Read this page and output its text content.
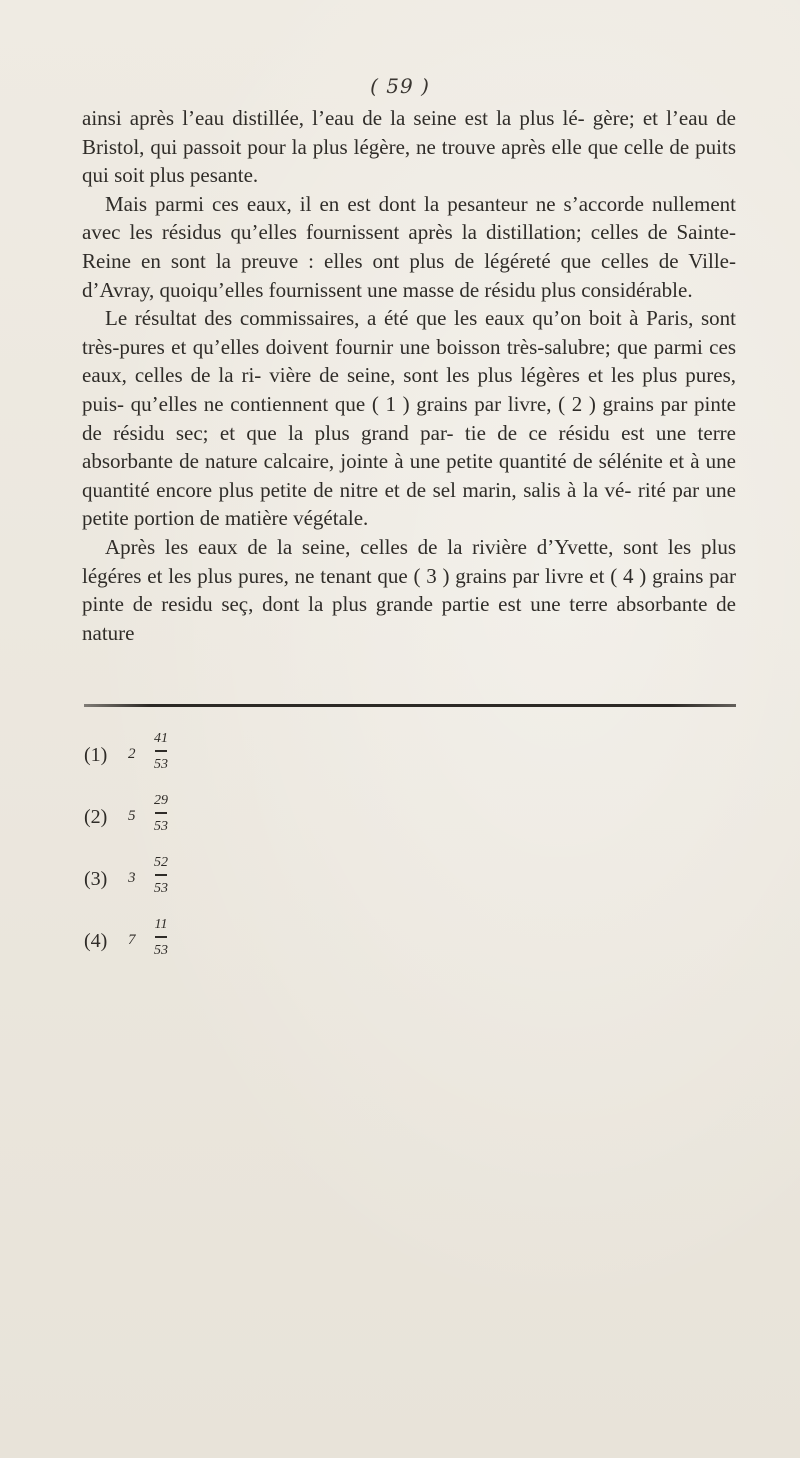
( 59 )

ainsi après l’eau distillée, l’eau de la seine est la plus lé- gère; et l’eau de Bristol, qui passoit pour la plus légère, ne trouve après elle que celle de puits qui soit plus pesante.

Mais parmi ces eaux, il en est dont la pesanteur ne s’accorde nullement avec les résidus qu’elles fournissent après la distillation; celles de Sainte-Reine en sont la preuve : elles ont plus de légéreté que celles de Ville- d’Avray, quoiqu’elles fournissent une masse de résidu plus considérable.

Le résultat des commissaires, a été que les eaux qu’on boit à Paris, sont très-pures et qu’elles doivent fournir une boisson très-salubre; que parmi ces eaux, celles de la ri- vière de seine, sont les plus légères et les plus pures, puis- qu’elles ne contiennent que ( 1 ) grains par livre, ( 2 ) grains par pinte de résidu sec; et que la plus grand par- tie de ce résidu est une terre absorbante de nature calcaire, jointe à une petite quantité de sélénite et à une quantité encore plus petite de nitre et de sel marin, salis à la vé- rité par une petite portion de matière végétale.

Après les eaux de la seine, celles de la rivière d’Yvette, sont les plus légéres et les plus pures, ne tenant que ( 3 ) grains par livre et ( 4 ) grains par pinte de residu seç, dont la plus grande partie est une terre absorbante de nature

(1) 2
41
53
(2) 5
29
53
(3) 3
52
53
(4) 7
11
53
